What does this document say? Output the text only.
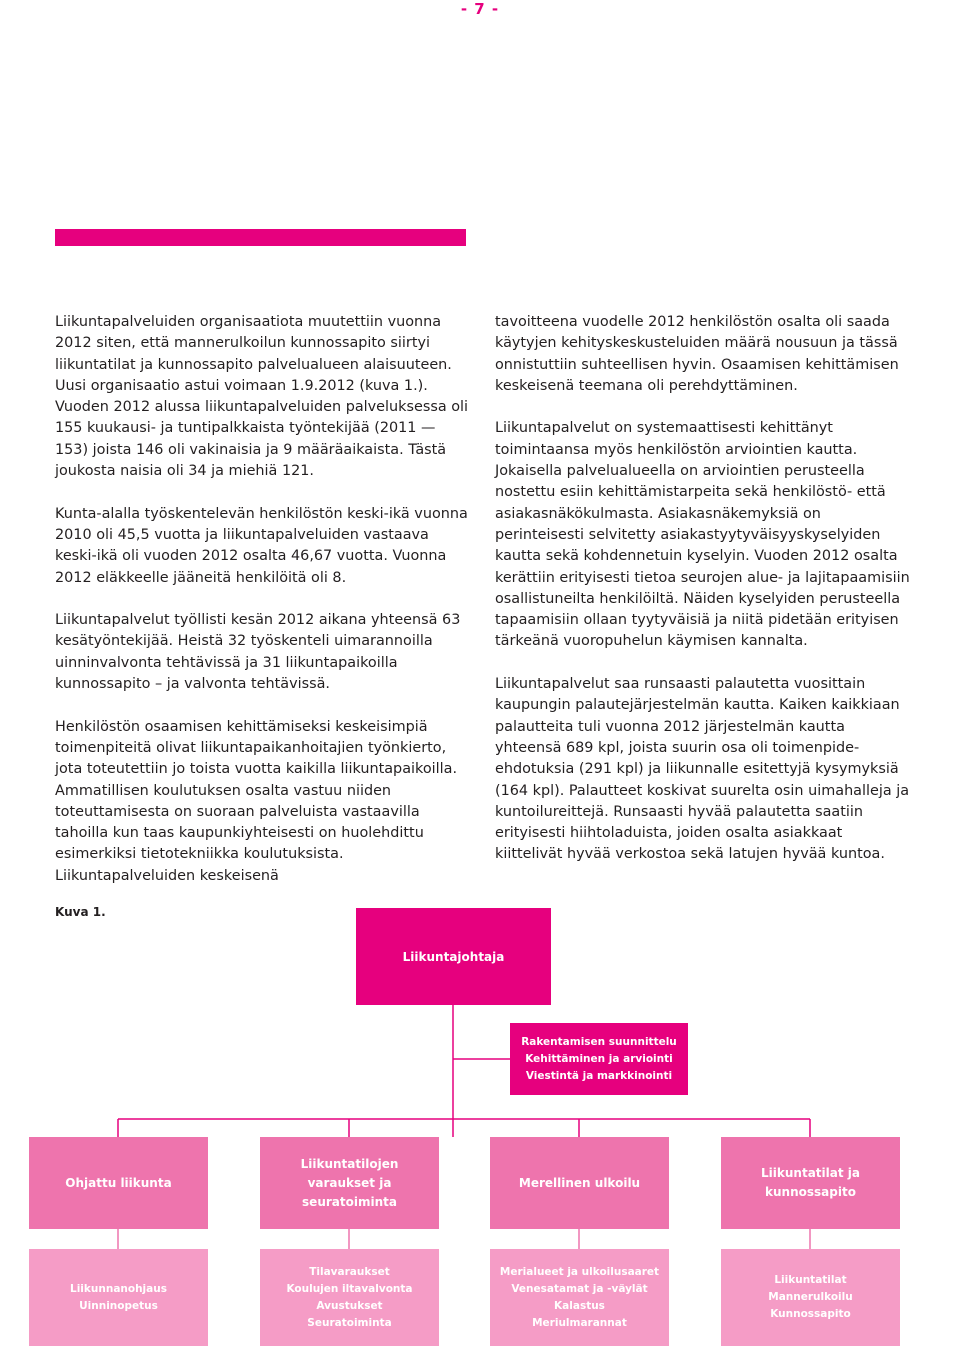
- 7 -

Liikuntapalveluiden organisaatiota muutettiin vuonna 2012 siten, että mannerulkoilun kunnossapito siirtyi liikuntatilat ja kunnossapito palvelualueen alaisuuteen. Uusi organisaatio astui voimaan 1.9.2012 (kuva 1.). Vuoden 2012 alussa liikuntapalveluiden palveluksessa oli 155 kuukausi- ja tuntipalkkaista työntekijää (2011 — 153) joista 146 oli vakinaisia ja 9 määräaikaista. Tästä joukosta naisia oli 34 ja miehiä 121.

Kunta-alalla työskentelevän henkilöstön keski-ikä vuonna 2010 oli 45,5 vuotta ja liikuntapalveluiden vastaava keski-ikä oli vuoden 2012 osalta 46,67 vuotta. Vuonna 2012 eläkkeelle jääneitä henkilöitä oli 8.

Liikuntapalvelut työllisti kesän 2012 aikana yhteensä 63 kesätyöntekijää. Heistä 32 työskenteli uimarannoilla uinninvalvonta tehtävissä ja 31 liikuntapaikoilla kunnossapito – ja valvonta tehtävissä.

Henkilöstön osaamisen kehittämiseksi keskeisimpiä toimenpiteitä olivat liikuntapaikanhoitajien työnkierto, jota toteutettiin jo toista vuotta kaikilla liikuntapaikoilla. Ammatillisen koulutuksen osalta vastuu niiden toteuttamisesta on suoraan palveluista vastaavilla tahoilla kun taas kaupunkiyhteisesti on huolehdittu esimerkiksi tietotekniikka koulutuksista. Liikuntapalveluiden keskeisenä

tavoitteena vuodelle 2012 henkilöstön osalta oli saada käytyjen kehityskeskusteluiden määrä nousuun ja tässä onnistuttiin suhteellisen hyvin. Osaamisen kehittämisen keskeisenä teemana oli perehdyttäminen.

Liikuntapalvelut on systemaattisesti kehittänyt toimintaansa myös henkilöstön arviointien kautta. Jokaisella palvelualueella on arviointien perusteella nostettu esiin kehittämistarpeita sekä henkilöstö- että asiakasnäkökulmasta. Asiakasnäkemyksiä on perinteisesti selvitetty asiakastyytyväisyyskyselyiden kautta sekä kohdennetuin kyselyin. Vuoden 2012 osalta kerättiin erityisesti tietoa seurojen alue- ja lajitapaamisiin osallistuneilta henkilöiltä. Näiden kyselyiden perusteella tapaamisiin ollaan tyytyväisiä ja niitä pidetään erityisen tärkeänä vuoropuhelun käymisen kannalta.

Liikuntapalvelut saa runsaasti palautetta vuosittain kaupungin palautejärjestelmän kautta. Kaiken kaikkiaan palautteita tuli vuonna 2012 järjestelmän kautta yhteensä 689 kpl, joista suurin osa oli toimenpide-ehdotuksia (291 kpl) ja liikunnalle esitettyjä kysymyksiä (164 kpl). Palautteet koskivat suurelta osin uimahalleja ja kuntoilureittejä. Runsaasti hyvää palautetta saatiin erityisesti hiihtoladuista, joiden osalta asiakkaat kiittelivät hyvää verkostoa sekä latujen hyvää kuntoa.

Kuva 1.
Liikuntajohtaja
Rakentamisen suunnittelu
Kehittäminen ja arviointi
Viestintä ja markkinointi
Ohjattu liikunta
Liikuntatilojen varaukset ja seuratoiminta
Merellinen ulkoilu
Liikuntatilat ja kunnossapito
Liikunnanohjaus
Uinninopetus
Tilavaraukset
Koulujen iltavalvonta
Avustukset
Seuratoiminta
Merialueet ja ulkoilusaaret
Venesatamat ja -väylät
Kalastus
Meriulmarannat
Liikuntatilat
Mannerulkoilu
Kunnossapito
